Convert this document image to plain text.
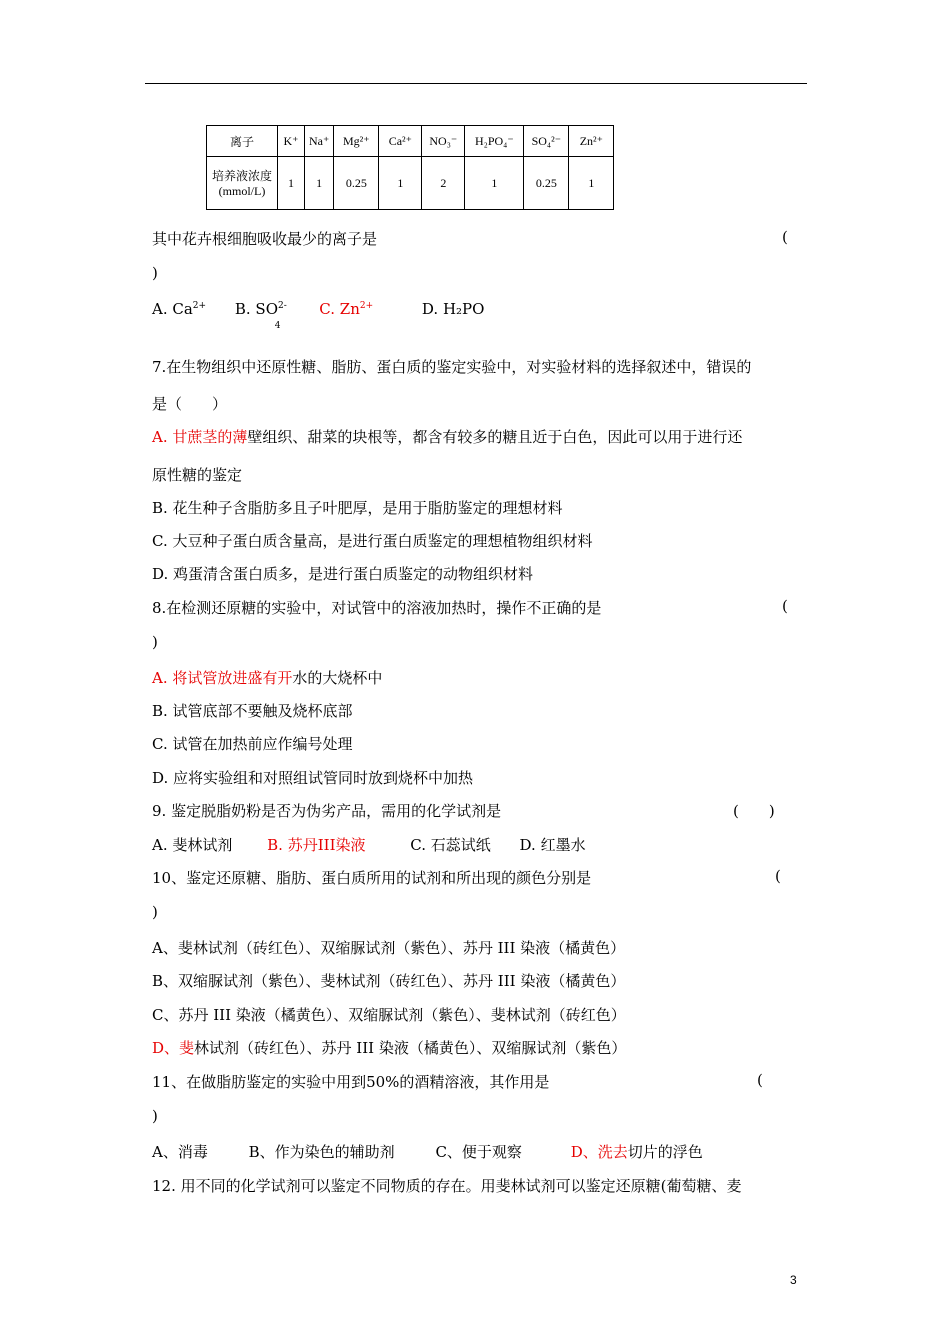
离子	K⁺	Na⁺	Mg²⁺	Ca²⁺	NO₃⁻	H₂PO₄⁻	SO₄²⁻	Zn²⁺

培养液浓度
(mmol/L)	1	1	0.25	1	2	1	0.25	1
其中花卉根细胞吸收最少的离子是	(
)
A. $Ca^{2+}$ B. $SO^{2-}_4$ C. $Zn^{2+}$	D. H₂PO
7.在生物组织中还原性糖、脂肪、蛋白质的鉴定实验中，对实验材料的选择叙述中，错误的
是（　　）
A. 甘蔗茎的薄壁组织、甜菜的块根等，都含有较多的糖且近于白色，因此可以用于进行还
原性糖的鉴定
B. 花生种子含脂肪多且子叶肥厚，是用于脂肪鉴定的理想材料
C. 大豆种子蛋白质含量高，是进行蛋白质鉴定的理想植物组织材料
D. 鸡蛋清含蛋白质多，是进行蛋白质鉴定的动物组织材料
8.在检测还原糖的实验中，对试管中的溶液加热时，操作不正确的是	(
)
A. 将试管放进盛有开水的大烧杯中
B. 试管底部不要触及烧杯底部
C. 试管在加热前应作编号处理
D. 应将实验组和对照组试管同时放到烧杯中加热
9. 鉴定脱脂奶粉是否为伪劣产品，需用的化学试剂是	(　　)
A. 斐林试剂 B. 苏丹III染液	C. 石蕊试纸 D. 红墨水
10、鉴定还原糖、脂肪、蛋白质所用的试剂和所出现的颜色分别是	(
)
A、斐林试剂（砖红色）、双缩脲试剂（紫色）、苏丹 III 染液（橘黄色）
B、双缩脲试剂（紫色）、斐林试剂（砖红色）、苏丹 III 染液（橘黄色）
C、苏丹 III 染液（橘黄色）、双缩脲试剂（紫色）、斐林试剂（砖红色）
D、斐林试剂（砖红色）、苏丹 III 染液（橘黄色）、双缩脲试剂（紫色）
11、在做脂肪鉴定的实验中用到50%的酒精溶液，其作用是	(
)
A、消毒	B、作为染色的辅助剂	C、便于观察	D、洗去切片的浮色
12. 用不同的化学试剂可以鉴定不同物质的存在。用斐林试剂可以鉴定还原糖(葡萄糖、麦
3
